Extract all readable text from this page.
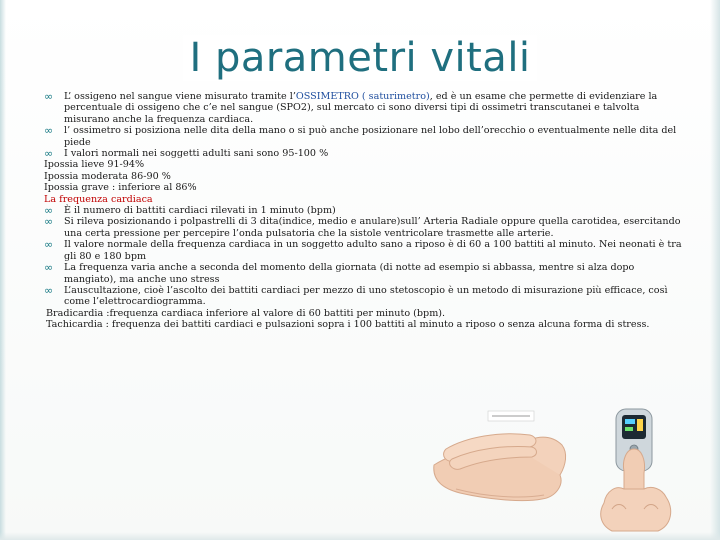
I parametri vitali
∞ L’ ossigeno nel sangue viene misurato tramite l’OSSIMETRO ( saturimetro), ed è un esame che permette di evidenziare la percentuale di ossigeno che c’e nel sangue (SPO2), sul mercato ci sono diversi tipi di ossimetri transcutanei e talvolta misurano anche la frequenza cardiaca.
∞ l’ ossimetro si posiziona nelle dita della mano o si può anche posizionare nel lobo dell’orecchio o eventualmente nelle dita del piede
∞ I valori normali nei soggetti adulti sani sono 95-100 %
Ipossia lieve 91-94%
Ipossia moderata 86-90 %
Ipossia grave : inferiore al 86%
La frequenza cardiaca
∞ È il numero di battiti cardiaci rilevati in 1 minuto (bpm)
∞ Si rileva posizionando i polpastrelli di 3 dita(indice, medio e anulare)sull’ Arteria Radiale oppure quella carotidea, esercitando una certa pressione per percepire l’onda pulsatoria che la sistole ventricolare trasmette alle arterie.
∞ Il valore normale della frequenza cardiaca in un soggetto adulto sano a riposo è di 60 a 100 battiti al minuto. Nei neonati è tra gli 80 e 180 bpm
∞ La frequenza varia anche a seconda del momento della giornata (di notte ad esempio si abbassa, mentre si alza dopo mangiato), ma anche uno stress
∞ L’auscultazione, cioè l’ascolto dei battiti cardiaci per mezzo di uno stetoscopio è un metodo di misurazione più efficace, così come l’elettrocardiogramma.
Bradicardia :frequenza cardiaca inferiore al valore di 60 battiti per minuto (bpm).
Tachicardia : frequenza dei battiti cardiaci e pulsazioni sopra i 100 battiti al minuto a riposo o senza alcuna forma di stress.
